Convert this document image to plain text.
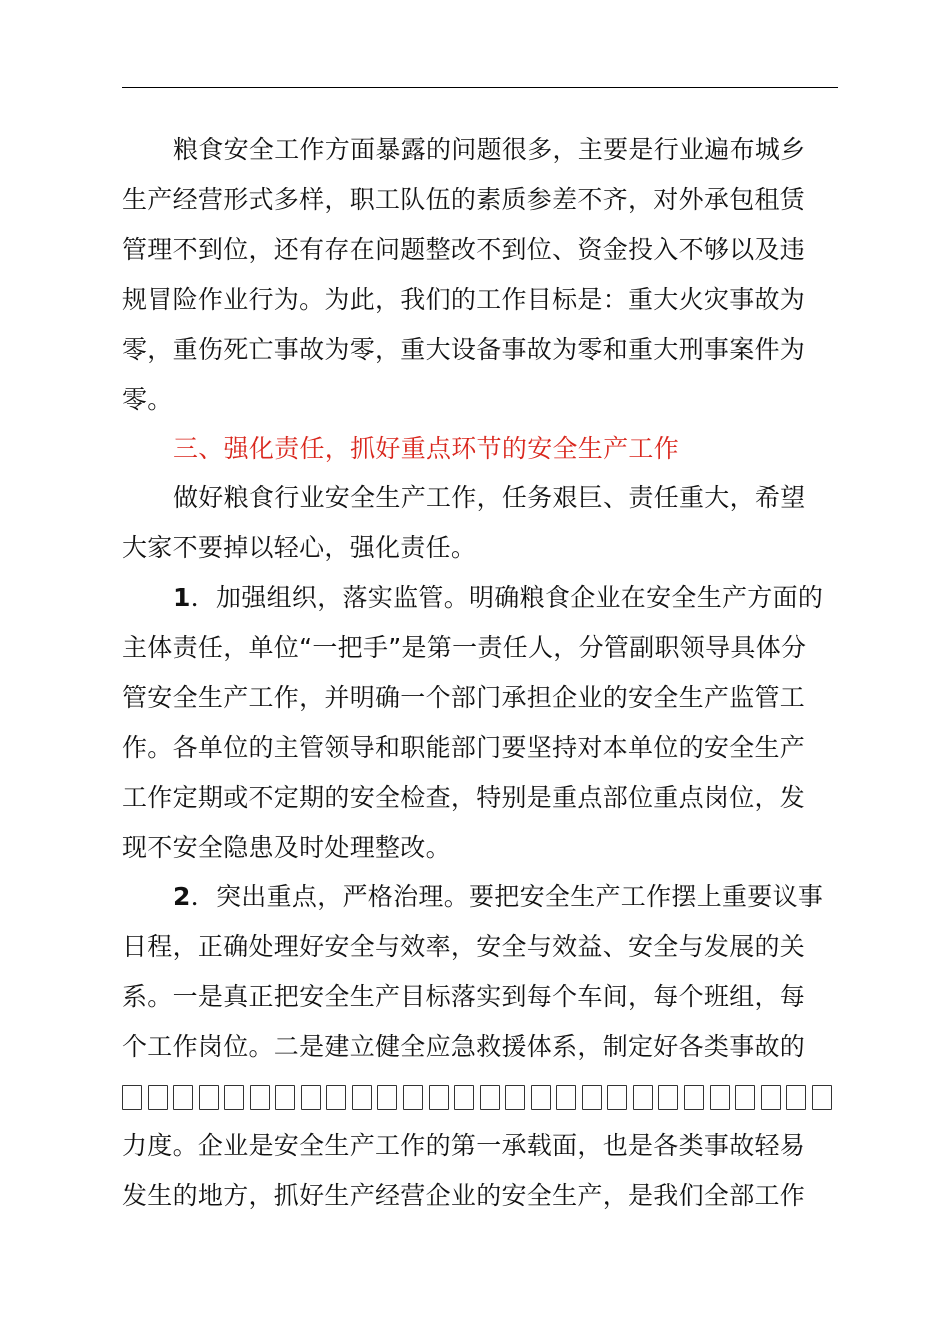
粮食安全工作方面暴露的问题很多，主要是行业遍布城乡
生产经营形式多样，职工队伍的素质参差不齐，对外承包租赁
管理不到位，还有存在问题整改不到位、资金投入不够以及违
规冒险作业行为。为此，我们的工作目标是：重大火灾事故为
零，重伤死亡事故为零，重大设备事故为零和重大刑事案件为
零。
三、强化责任，抓好重点环节的安全生产工作
做好粮食行业安全生产工作，任务艰巨、责任重大，希望
大家不要掉以轻心，强化责任。
1．加强组织，落实监管。明确粮食企业在安全生产方面的
主体责任，单位“一把手”是第一责任人，分管副职领导具体分
管安全生产工作，并明确一个部门承担企业的安全生产监管工
作。各单位的主管领导和职能部门要坚持对本单位的安全生产
工作定期或不定期的安全检查，特别是重点部位重点岗位，发
现不安全隐患及时处理整改。
2．突出重点，严格治理。要把安全生产工作摆上重要议事
日程，正确处理好安全与效率，安全与效益、安全与发展的关
系。一是真正把安全生产目标落实到每个车间，每个班组，每
个工作岗位。二是建立健全应急救援体系，制定好各类事故的
力度。企业是安全生产工作的第一承载面，也是各类事故轻易
发生的地方，抓好生产经营企业的安全生产，是我们全部工作
